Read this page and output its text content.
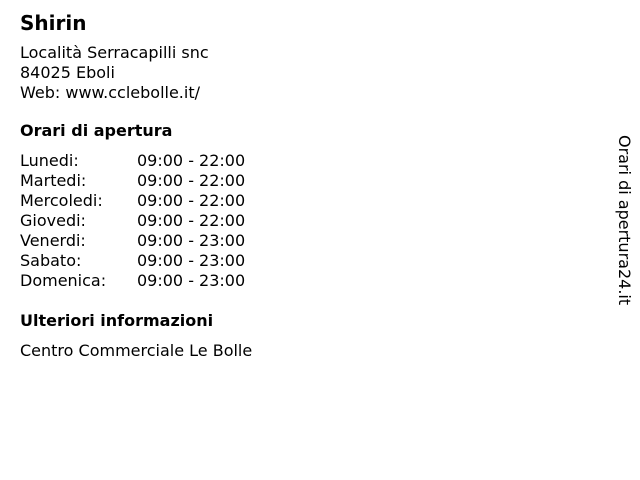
Shirin
Località Serracapilli snc
84025 Eboli
Web: www.cclebolle.it/
Orari di apertura
Lunedi:	09:00 - 22:00
Martedi:	09:00 - 22:00
Mercoledi:	09:00 - 22:00
Giovedi:	09:00 - 22:00
Venerdi:	09:00 - 23:00
Sabato:	09:00 - 23:00
Domenica:	09:00 - 23:00
Ulteriori informazioni
Centro Commerciale Le Bolle
Orari di apertura24.it
